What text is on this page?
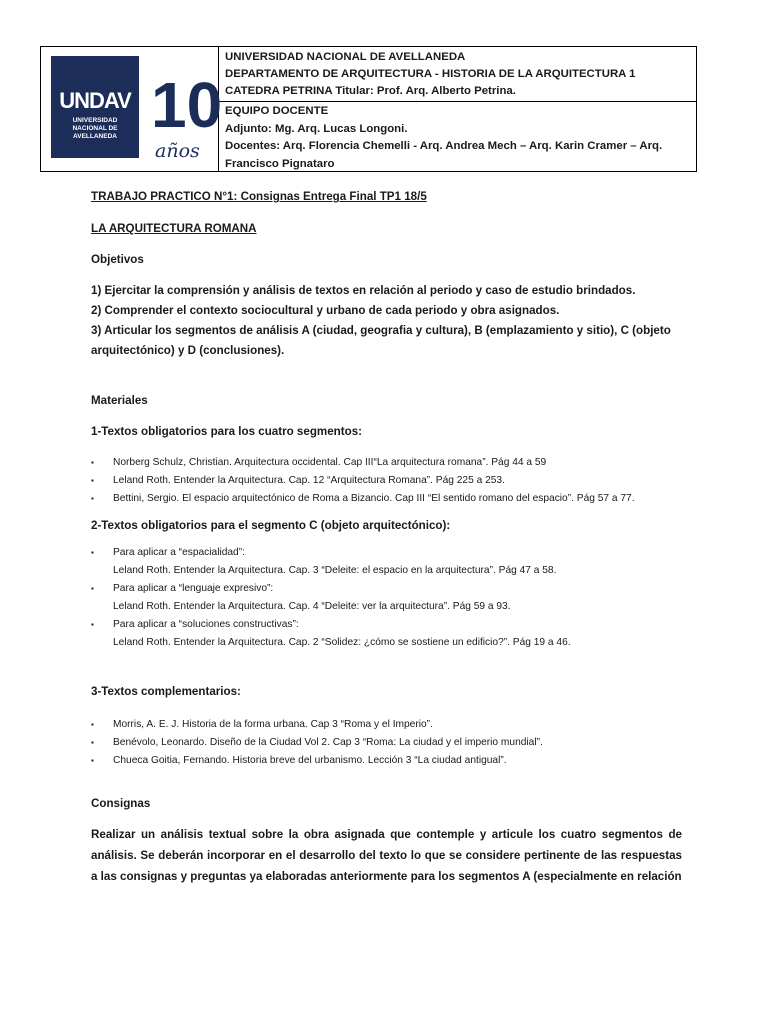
UNDAV
UNIVERSIDAD
NACIONAL DE
AVELLANEDA 10
años
UNIVERSIDAD NACIONAL DE AVELLANEDA
DEPARTAMENTO DE ARQUITECTURA - HISTORIA DE LA ARQUITECTURA 1
CATEDRA PETRINA Titular: Prof. Arq. Alberto Petrina.
EQUIPO DOCENTE
Adjunto: Mg. Arq. Lucas Longoni.
Docentes: Arq. Florencia Chemelli - Arq. Andrea Mech – Arq. Karin Cramer – Arq.
Francisco Pignataro

TRABAJO PRACTICO N°1: Consignas Entrega Final TP1 18/5

LA ARQUITECTURA ROMANA

Objetivos

1) Ejercitar la comprensión y análisis de textos en relación al periodo y caso de estudio brindados.

2) Comprender el contexto sociocultural y urbano de cada periodo y obra asignados.

3) Articular los segmentos de análisis A (ciudad, geografia y cultura), B (emplazamiento y sitio), C (objeto arquitectónico) y D (conclusiones).

Materiales

1-Textos obligatorios para los cuatro segmentos:

▪ Norberg Schulz, Christian. Arquitectura occidental. Cap III“La arquitectura romana”. Pág 44 a 59
▪ Leland Roth. Entender la Arquitectura. Cap. 12 “Arquitectura Romana”. Pág 225 a 253.
▪ Bettini, Sergio. El espacio arquitectónico de Roma a Bizancio. Cap III “El sentido romano del espacio”. Pág 57 a 77.

2-Textos obligatorios para el segmento C (objeto arquitectónico):

▪ Para aplicar a “espacialidad”:
Leland Roth. Entender la Arquitectura. Cap. 3 “Deleite: el espacio en la arquitectura”. Pág 47 a 58.
▪ Para aplicar a “lenguaje expresivo”:
Leland Roth. Entender la Arquitectura. Cap. 4 “Deleite: ver la arquitectura”. Pág 59 a 93.
▪ Para aplicar a “soluciones constructivas”:
Leland Roth. Entender la Arquitectura. Cap. 2 “Solidez: ¿cómo se sostiene un edificio?”. Pág 19 a 46.

3-Textos complementarios:

▪ Morris, A. E. J. Historia de la forma urbana. Cap 3 “Roma y el Imperio”.
▪ Benévolo, Leonardo. Diseño de la Ciudad Vol 2. Cap 3 “Roma: La ciudad y el imperio mundial”.
▪ Chueca Goitia, Fernando. Historia breve del urbanismo. Lección 3 “La ciudad antigual”.

Consignas

Realizar un análisis textual sobre la obra asignada que contemple y articule los cuatro segmentos de análisis. Se deberán incorporar en el desarrollo del texto lo que se considere pertinente de las respuestas a las consignas y preguntas ya elaboradas anteriormente para los segmentos A (especialmente en relación
